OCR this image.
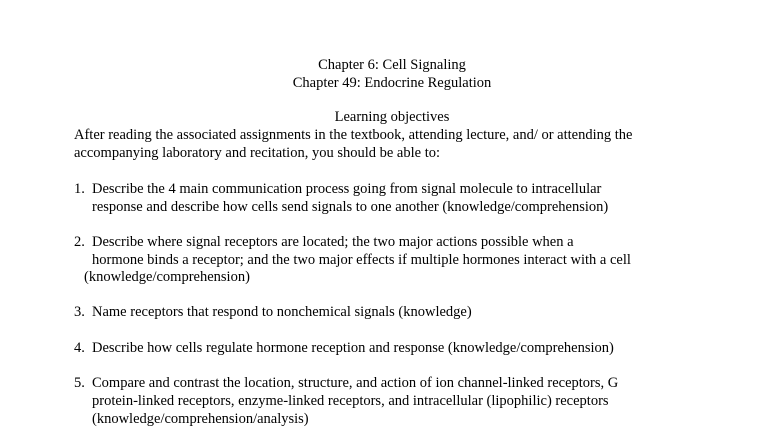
Chapter 6: Cell Signaling
Chapter 49: Endocrine Regulation
Learning objectives
After reading the associated assignments in the textbook, attending lecture, and/ or attending the
accompanying laboratory and recitation, you should be able to:
1. Describe the 4 main communication process going from signal molecule to intracellular
response and describe how cells send signals to one another (knowledge/comprehension)
2. Describe where signal receptors are located; the two major actions possible when a
hormone binds a receptor; and the two major effects if multiple hormones interact with a cell
(knowledge/comprehension)
3. Name receptors that respond to nonchemical signals (knowledge)
4. Describe how cells regulate hormone reception and response (knowledge/comprehension)
5. Compare and contrast the location, structure, and action of ion channel-linked receptors, G
protein-linked receptors, enzyme-linked receptors, and intracellular (lipophilic) receptors
(knowledge/comprehension/analysis)
